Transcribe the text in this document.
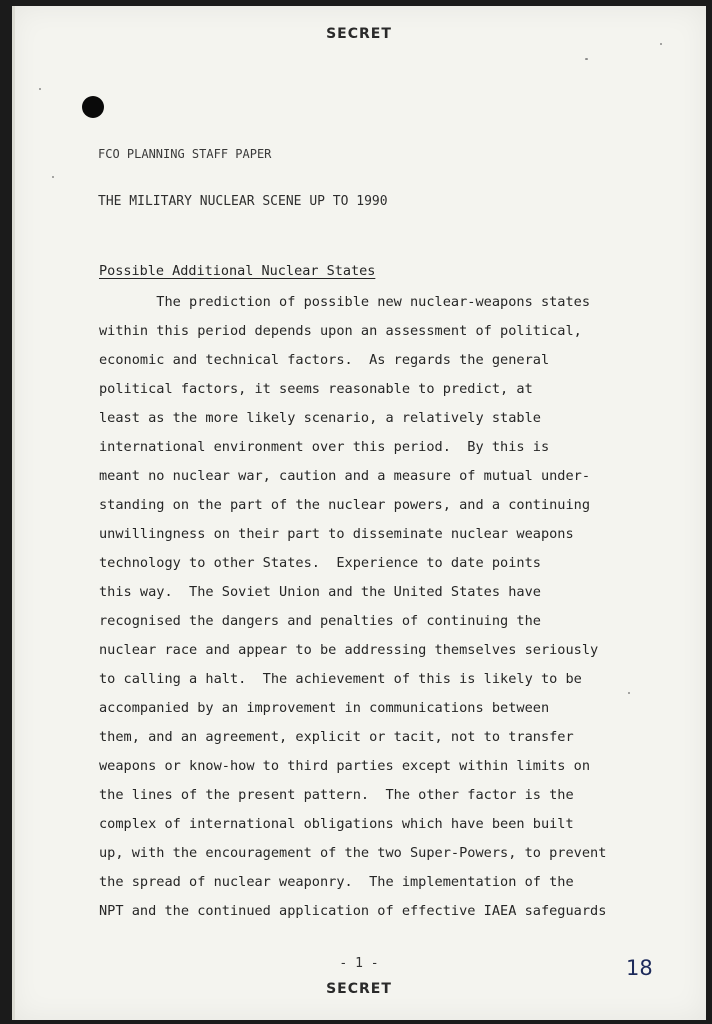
SECRET
FCO PLANNING STAFF PAPER
THE MILITARY NUCLEAR SCENE UP TO 1990
Possible Additional Nuclear States
The prediction of possible new nuclear-weapons states
within this period depends upon an assessment of political,
economic and technical factors.  As regards the general
political factors, it seems reasonable to predict, at
least as the more likely scenario, a relatively stable
international environment over this period.  By this is
meant no nuclear war, caution and a measure of mutual under-
standing on the part of the nuclear powers, and a continuing
unwillingness on their part to disseminate nuclear weapons
technology to other States.  Experience to date points
this way.  The Soviet Union and the United States have
recognised the dangers and penalties of continuing the
nuclear race and appear to be addressing themselves seriously
to calling a halt.  The achievement of this is likely to be
accompanied by an improvement in communications between
them, and an agreement, explicit or tacit, not to transfer
weapons or know-how to third parties except within limits on
the lines of the present pattern.  The other factor is the
complex of international obligations which have been built
up, with the encouragement of the two Super-Powers, to prevent
the spread of nuclear weaponry.  The implementation of the
NPT and the continued application of effective IAEA safeguards
- 1 -	18
SECRET
